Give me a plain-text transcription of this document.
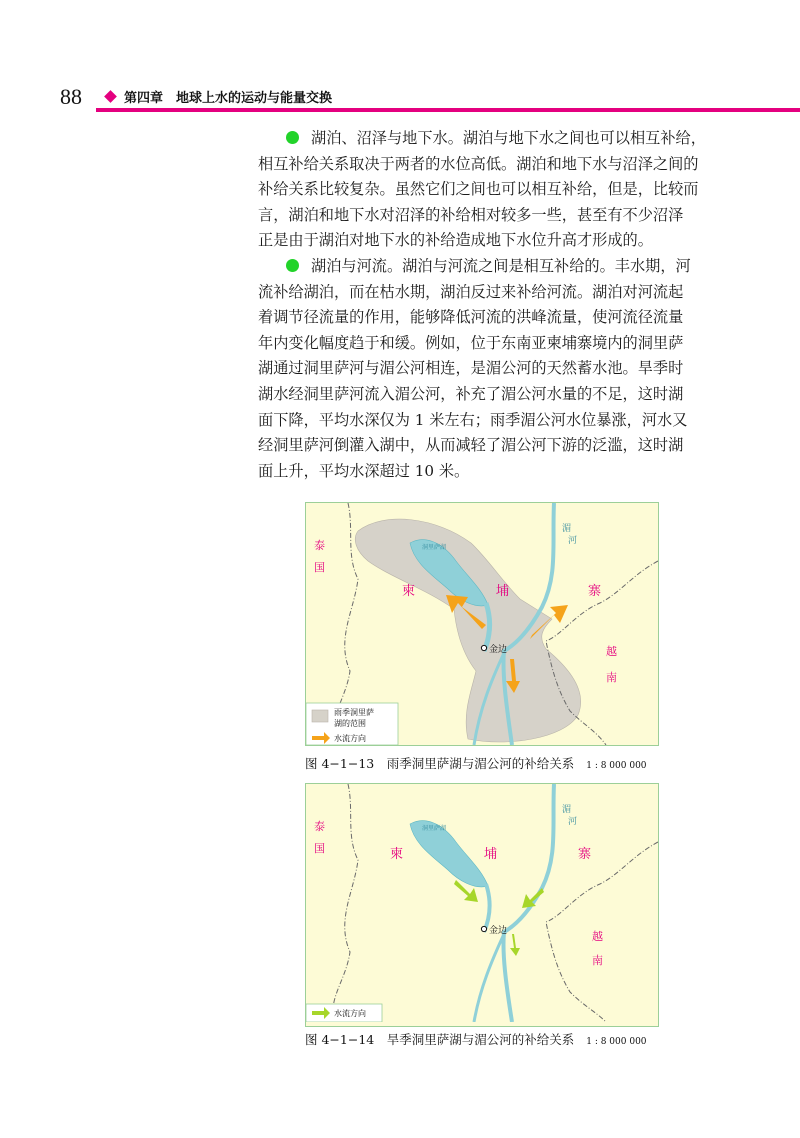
88	第四章　地球上水的运动与能量交换

湖泊、沼泽与地下水。湖泊与地下水之间也可以相互补给，
相互补给关系取决于两者的水位高低。湖泊和地下水与沼泽之间的
补给关系比较复杂。虽然它们之间也可以相互补给，但是，比较而
言，湖泊和地下水对沼泽的补给相对较多一些，甚至有不少沼泽
正是由于湖泊对地下水的补给造成地下水位升高才形成的。

湖泊与河流。湖泊与河流之间是相互补给的。丰水期，河
流补给湖泊，而在枯水期，湖泊反过来补给河流。湖泊对河流起
着调节径流量的作用，能够降低河流的洪峰流量，使河流径流量
年内变化幅度趋于和缓。例如，位于东南亚柬埔寨境内的洞里萨
湖通过洞里萨河与湄公河相连，是湄公河的天然蓄水池。旱季时
湖水经洞里萨河流入湄公河，补充了湄公河水量的不足，这时湖
面下降，平均水深仅为 1 米左右；雨季湄公河水位暴涨，河水又
经洞里萨河倒灌入湖中，从而减轻了湄公河下游的泛滥，这时湖
面上升，平均水深超过 10 米。

金边
洞里萨湖
湄
河
泰
国
柬	埔	寨
越
南
雨季洞里萨
湖的范围
水流方向
图 4−1−13　雨季洞里萨湖与湄公河的补给关系 1 : 8 000 000
金边
洞里萨湖
湄
河
泰
国	柬	埔	寨
越
南
水流方向
图 4−1−14　旱季洞里萨湖与湄公河的补给关系 1 : 8 000 000
